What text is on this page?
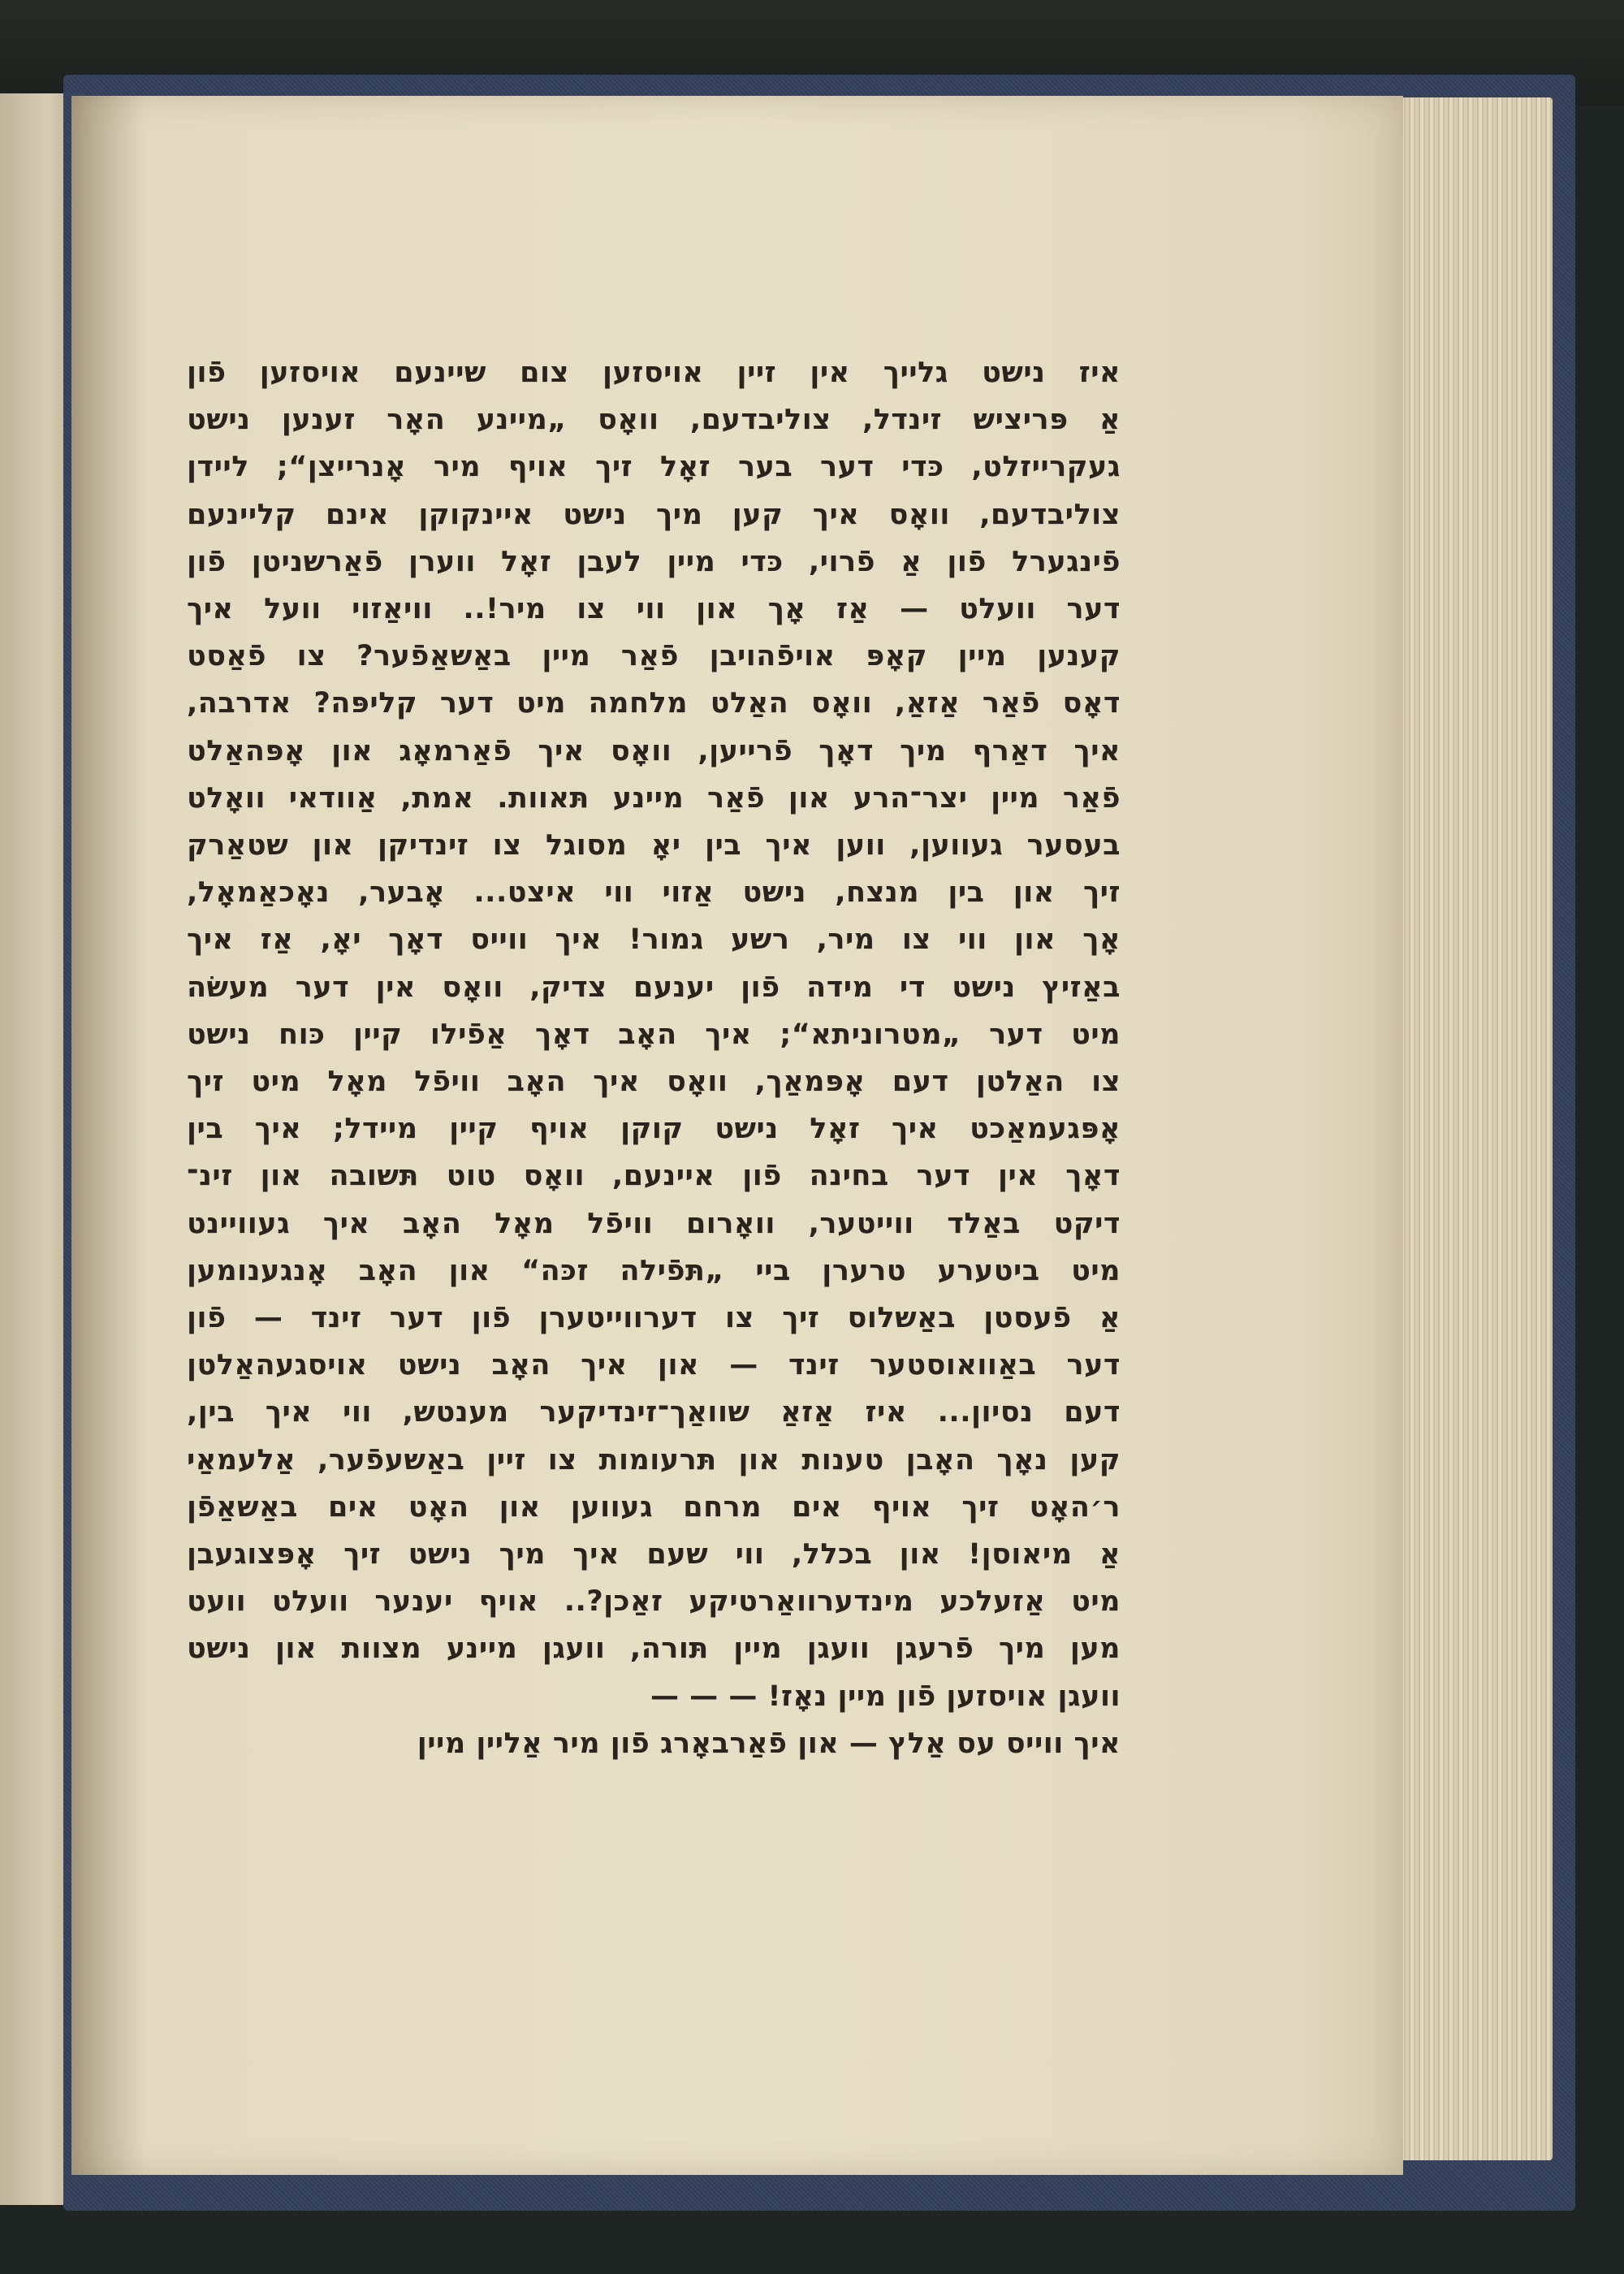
איז נישט גלייך אין זיין אויסזען צום שיינעם אויסזען פֿון
אַ פּריציש זינדל, צוליבדעם, וואָס „מיינע האָר זענען נישט
געקרייזלט, כּדי דער בער זאָל זיך אויף מיר אָנרייצן“; ליידן
צוליבדעם, וואָס איך קען מיך נישט איינקוקן אינם קליינעם
פֿינגערל פֿון אַ פֿרוי, כּדי מיין לעבן זאָל ווערן פֿאַרשניטן פֿון
דער וועלט — אַז אָך און ווי צו מיר!.. וויאַזוי וועל איך
קענען מיין קאָפּ אויפֿהויבן פֿאַר מיין באַשאַפֿער? צו פֿאַסט
דאָס פֿאַר אַזאַ, וואָס האַלט מלחמה מיט דער קליפּה? אדרבה,
איך דאַרף מיך דאָך פֿרייען, וואָס איך פֿאַרמאָג און אָפּהאַלט
פֿאַר מיין יצר־הרע און פֿאַר מיינע תּאוות. אמת, אַוודאי וואָלט
בעסער געווען, ווען איך בין יאָ מסוגל צו זינדיקן און שטאַרק
זיך און בין מנצח, נישט אַזוי ווי איצט... אָבער, נאָכאַמאָל,
אָך און ווי צו מיר, רשע גמור! איך ווייס דאָך יאָ, אַז איך
באַזיץ נישט די מידה פֿון יענעם צדיק, וואָס אין דער מעשׂה
מיט דער „מטרוניתא“; איך האָב דאָך אַפֿילו קיין כּוח נישט
צו האַלטן דעם אָפּמאַך, וואָס איך האָב וויפֿל מאָל מיט זיך
אָפּגעמאַכט איך זאָל נישט קוקן אויף קיין מיידל; איך בין
דאָך אין דער בחינה פֿון איינעם, וואָס טוט תּשובה און זינ־
דיקט באַלד ווייטער, וואָרום וויפֿל מאָל האָב איך געוויינט
מיט ביטערע טרערן ביי „תּפֿילה זכּה“ און האָב אָנגענומען
אַ פֿעסטן באַשלוס זיך צו דערווייטערן פֿון דער זינד — פֿון
דער באַוואוסטער זינד — און איך האָב נישט אויסגעהאַלטן
דעם נסיון... איז אַזאַ שוואַך־זינדיקער מענטש, ווי איך בין,
קען נאָך האָבן טענות און תּרעומות צו זיין באַשעפֿער, אַלעמאַי
ר׳האָט זיך אויף אים מרחם געווען און האָט אים באַשאַפֿן
אַ מיאוסן! און בכלל, ווי שעם איך מיך נישט זיך אָפּצוגעבן
מיט אַזעלכע מינדערוואַרטיקע זאַכן?.. אויף יענער וועלט וועט
מען מיך פֿרעגן וועגן מיין תּורה, וועגן מיינע מצוות און נישט
וועגן אויסזען פֿון מיין נאָז! — — —
איך ווייס עס אַלץ — און פֿאַרבאָרג פֿון מיר אַליין מיין
